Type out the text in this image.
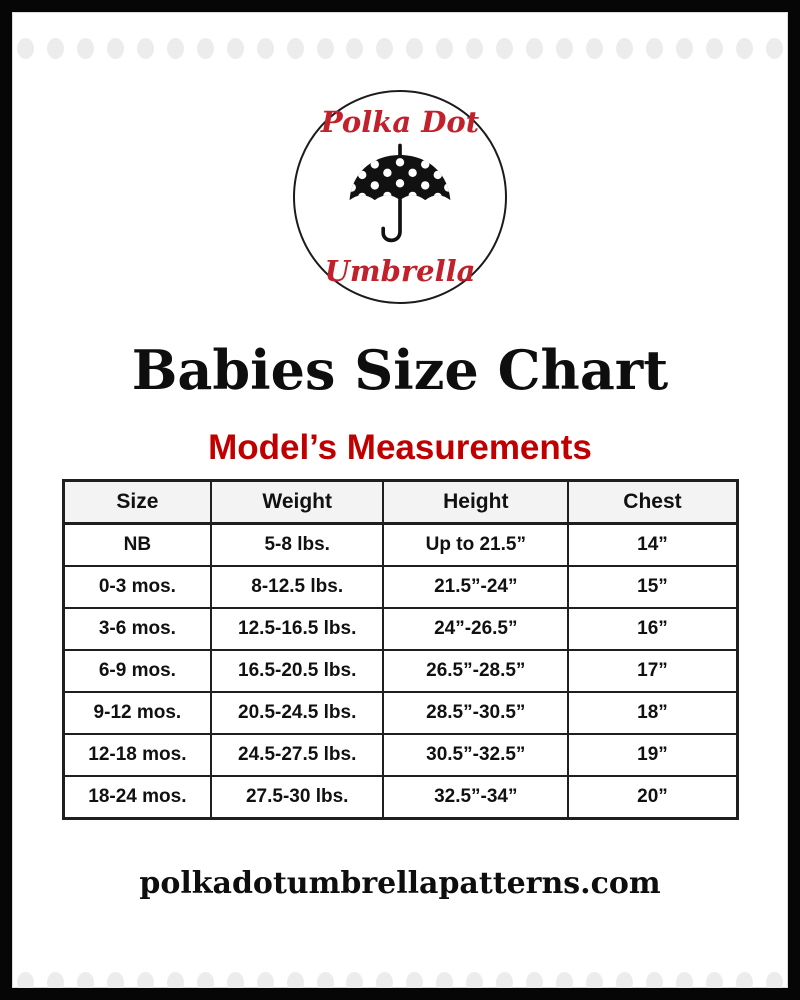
Polka Dot
Umbrella
Babies Size Chart
Model’s Measurements
Size	Weight	Height	Chest
NB	5-8 lbs.	Up to 21.5”	14”
0-3 mos.	8-12.5 lbs.	21.5”-24”	15”
3-6 mos.	12.5-16.5 lbs.	24”-26.5”	16”
6-9 mos.	16.5-20.5 lbs.	26.5”-28.5”	17”
9-12 mos.	20.5-24.5 lbs.	28.5”-30.5”	18”
12-18 mos.	24.5-27.5 lbs.	30.5”-32.5”	19”
18-24 mos.	27.5-30 lbs.	32.5”-34”	20”
polkadotumbrellapatterns.com
